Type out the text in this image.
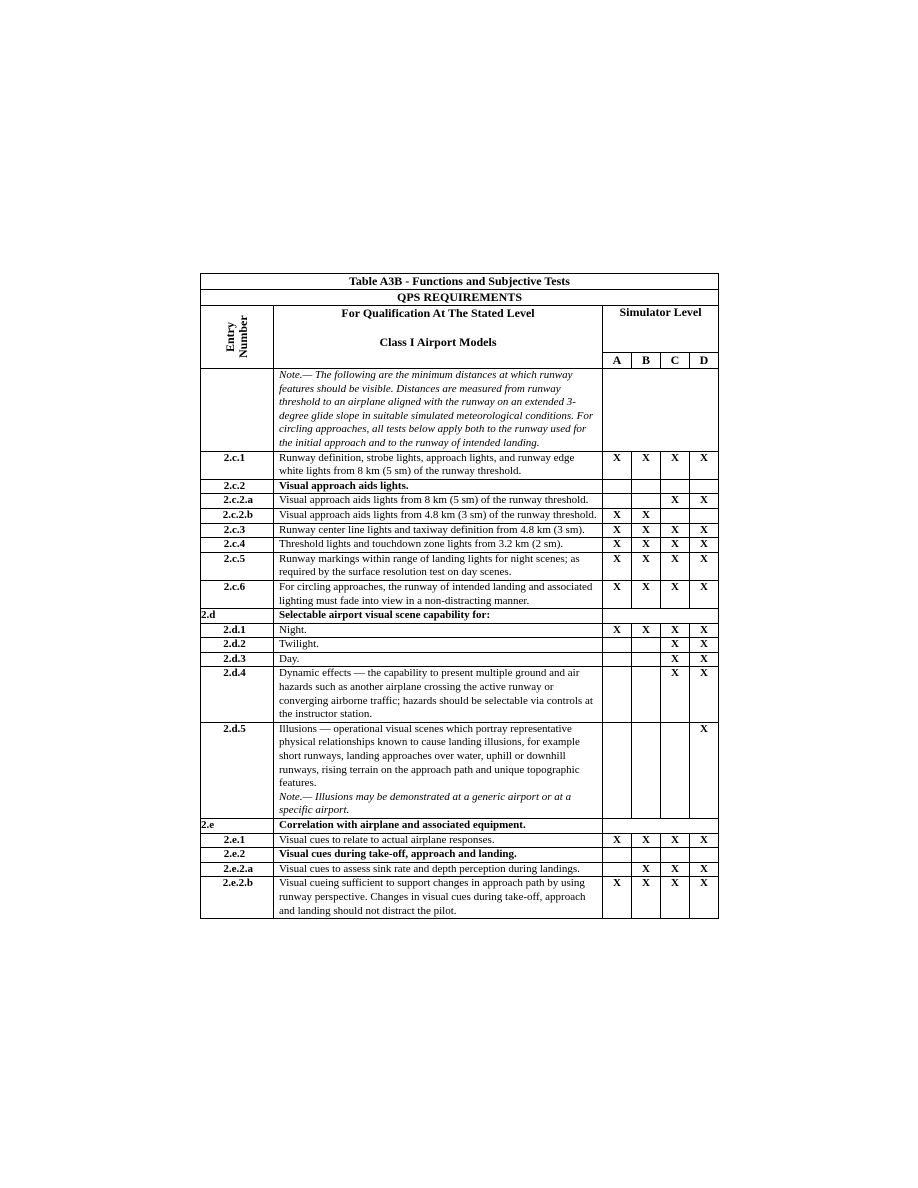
Table A3B - Functions and Subjective Tests					
QPS REQUIREMENTS					

Entry Number	For Qualification At The Stated Level
Class I Airport Models	Simulator Level			
		A	B	C	D
	Note.— The following are the minimum distances at which runway features should be visible. Distances are measured from runway threshold to an airplane aligned with the runway on an extended 3-degree glide slope in suitable simulated meteorological conditions. For circling approaches, all tests below apply both to the runway used for the initial approach and to the runway of intended landing.				
2.c.1	Runway definition, strobe lights, approach lights, and runway edge white lights from 8 km (5 sm) of the runway threshold.	X	X	X	X
2.c.2	Visual approach aids lights.				
2.c.2.a	Visual approach aids lights from 8 km (5 sm) of the runway threshold.			X	X
2.c.2.b	Visual approach aids lights from 4.8 km (3 sm) of the runway threshold.	X	X		
2.c.3	Runway center line lights and taxiway definition from 4.8 km (3 sm).	X	X	X	X
2.c.4	Threshold lights and touchdown zone lights from 3.2 km (2 sm).	X	X	X	X
2.c.5	Runway markings within range of landing lights for night scenes; as required by the surface resolution test on day scenes.	X	X	X	X
2.c.6	For circling approaches, the runway of intended landing and associated lighting must fade into view in a non-distracting manner.	X	X	X	X
2.d	Selectable airport visual scene capability for:				
2.d.1	Night.	X	X	X	X
2.d.2	Twilight.			X	X
2.d.3	Day.			X	X
2.d.4	Dynamic effects — the capability to present multiple ground and air hazards such as another airplane crossing the active runway or converging airborne traffic; hazards should be selectable via controls at the instructor station.			X	X
2.d.5	Illusions — operational visual scenes which portray representative physical relationships known to cause landing illusions, for example short runways, landing approaches over water, uphill or downhill runways, rising terrain on the approach path and unique topographic features.
Note.— Illusions may be demonstrated at a generic airport or at a specific airport.				X
2.e	Correlation with airplane and associated equipment.				
2.e.1	Visual cues to relate to actual airplane responses.	X	X	X	X
2.e.2	Visual cues during take-off, approach and landing.				
2.e.2.a	Visual cues to assess sink rate and depth perception during landings.		X	X	X
2.e.2.b	Visual cueing sufficient to support changes in approach path by using runway perspective. Changes in visual cues during take-off, approach and landing should not distract the pilot.	X	X	X	X
